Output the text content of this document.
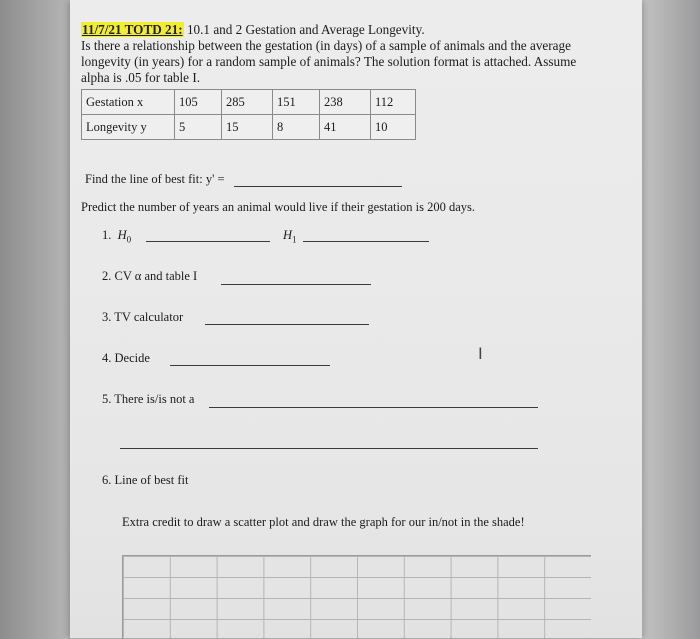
11/7/21 TOTD 21: 10.1 and 2 Gestation and Average Longevity.
Is there a relationship between the gestation (in days) of a sample of animals and the average
longevity (in years) for a random sample of animals? The solution format is attached. Assume
alpha is .05 for table I.
Gestation x	105	285	151	238	112
Longevity y	5	15	8	41	10
Find the line of best fit: y' =
Predict the number of years an animal would live if their gestation is 200 days.
1. $H_0$	$H_1$
2. CV α and table I
3. TV calculator
4. Decide	I
5. There is/is not a
6. Line of best fit
Extra credit to draw a scatter plot and draw the graph for our in/not in the shade!
